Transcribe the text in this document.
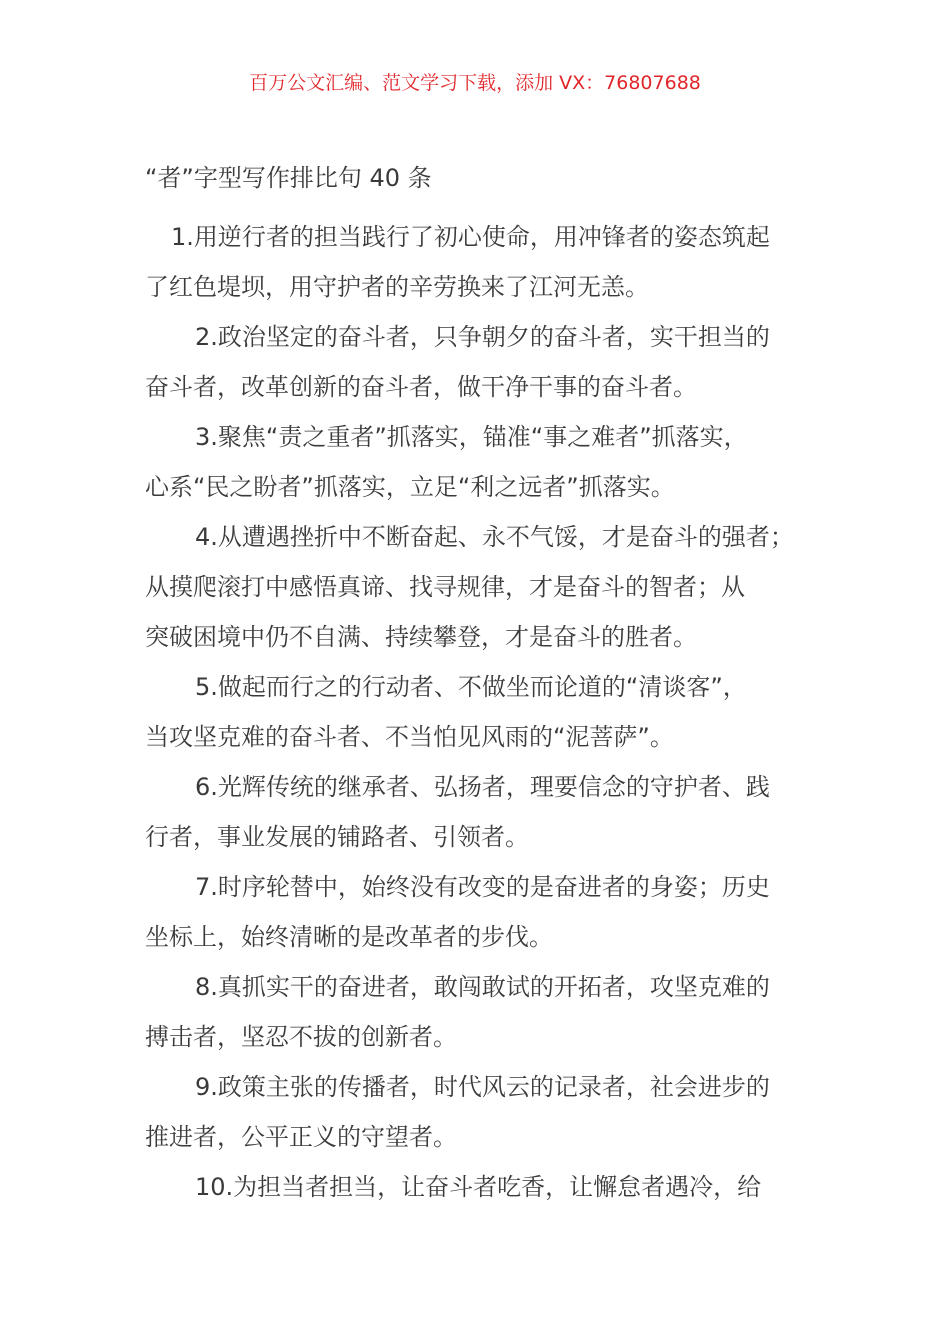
百万公文汇编、范文学习下载，添加 VX：76807688
“者”字型写作排比句 40 条
1.用逆行者的担当践行了初心使命，用冲锋者的姿态筑起
了红色堤坝，用守护者的辛劳换来了江河无恙。
2.政治坚定的奋斗者，只争朝夕的奋斗者，实干担当的
奋斗者，改革创新的奋斗者，做干净干事的奋斗者。
3.聚焦“责之重者”抓落实，锚准“事之难者”抓落实，
心系“民之盼者”抓落实，立足“利之远者”抓落实。
4.从遭遇挫折中不断奋起、永不气馁，才是奋斗的强者；
从摸爬滚打中感悟真谛、找寻规律，才是奋斗的智者；从
突破困境中仍不自满、持续攀登，才是奋斗的胜者。
5.做起而行之的行动者、不做坐而论道的“清谈客”，
当攻坚克难的奋斗者、不当怕见风雨的“泥菩萨”。
6.光辉传统的继承者、弘扬者，理要信念的守护者、践
行者，事业发展的铺路者、引领者。
7.时序轮替中，始终没有改变的是奋进者的身姿；历史
坐标上，始终清晰的是改革者的步伐。
8.真抓实干的奋进者，敢闯敢试的开拓者，攻坚克难的
搏击者，坚忍不拔的创新者。
9.政策主张的传播者，时代风云的记录者，社会进步的
推进者，公平正义的守望者。
10.为担当者担当，让奋斗者吃香，让懈怠者遇冷，给
